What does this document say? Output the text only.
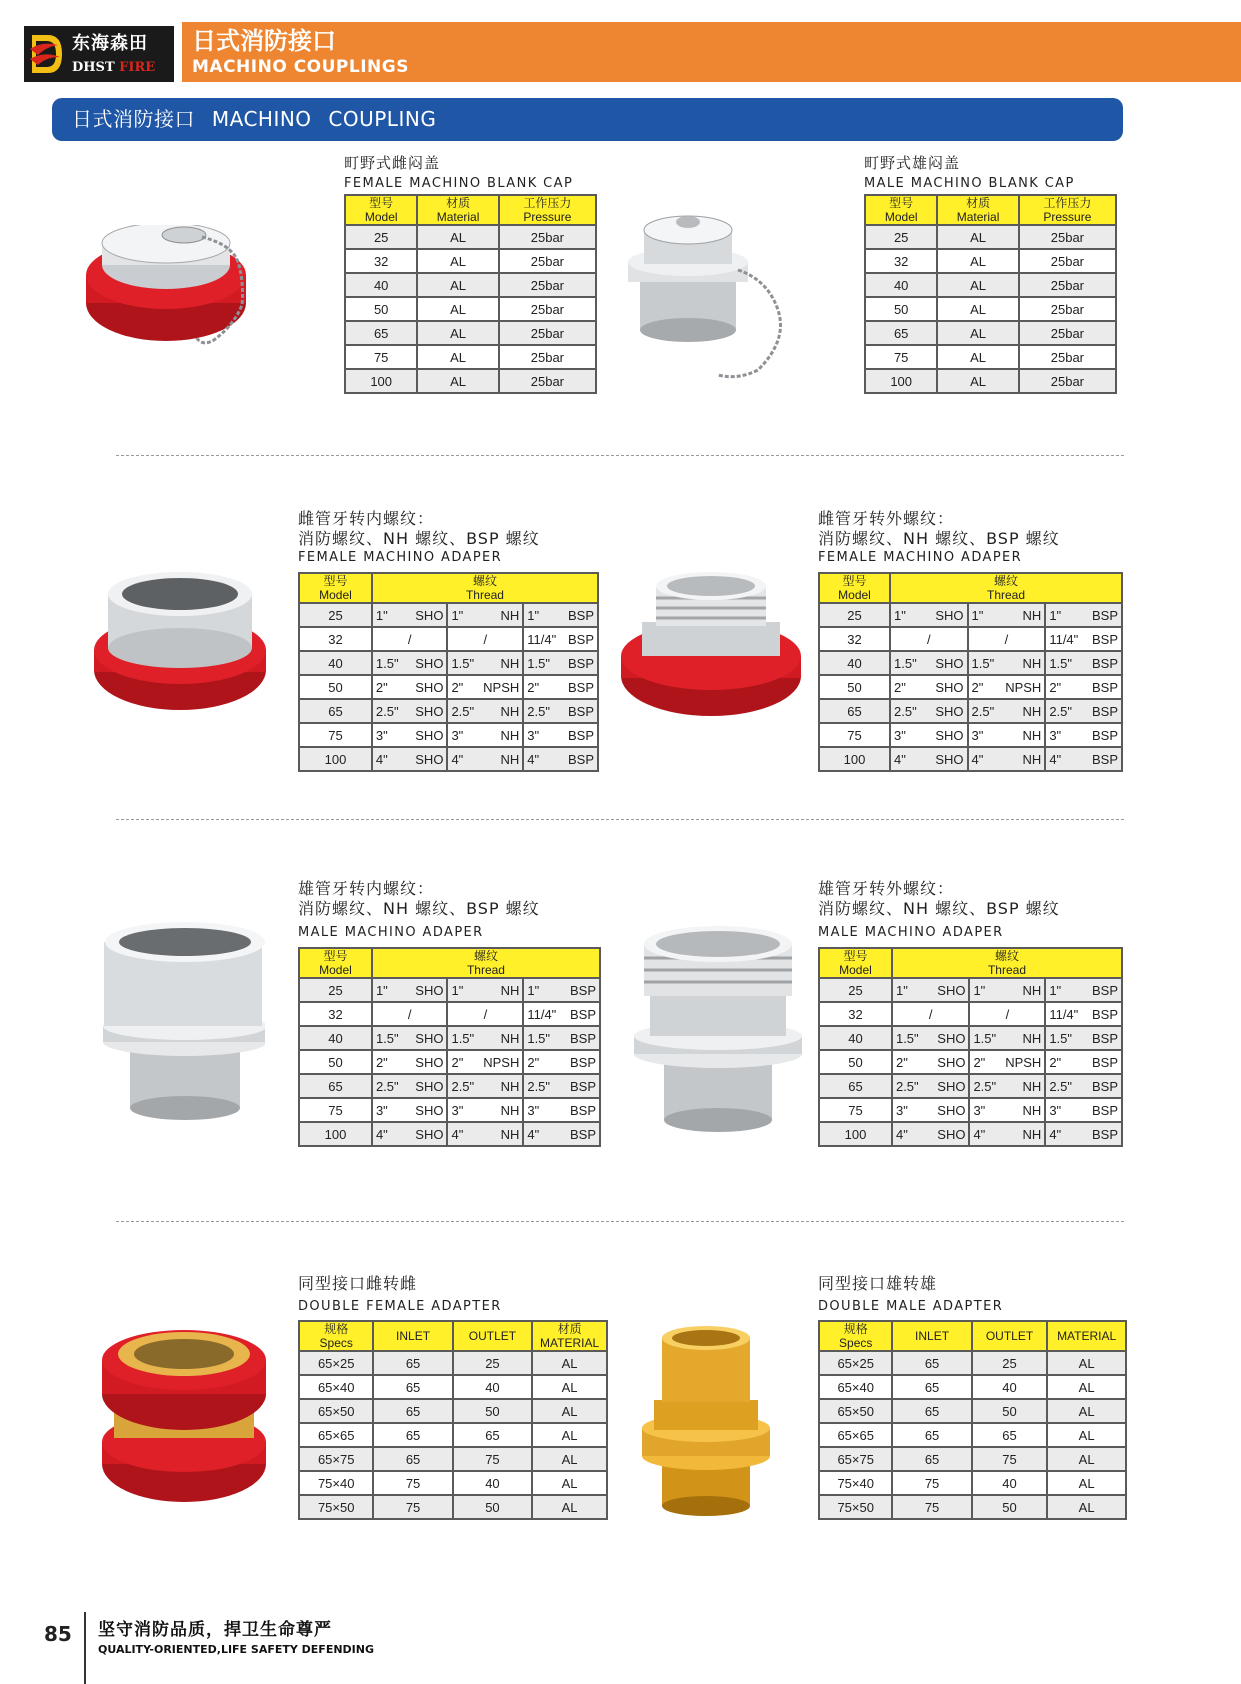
东海森田
DHST FIRE
日式消防接口
MACHINO COUPLINGS
日式消防接口 MACHINO COUPLING
町野式雌闷盖
FEMALE MACHINO BLANK CAP
型号
Model	材质
Material	工作压力
Pressure
25	AL	25bar
32	AL	25bar
40	AL	25bar
50	AL	25bar
65	AL	25bar
75	AL	25bar
100	AL	25bar
町野式雄闷盖
MALE MACHINO BLANK CAP
型号
Model	材质
Material	工作压力
Pressure
25	AL	25bar
32	AL	25bar
40	AL	25bar
50	AL	25bar
65	AL	25bar
75	AL	25bar
100	AL	25bar
雌管牙转内螺纹：
消防螺纹、NH 螺纹、BSP 螺纹
FEMALE MACHINO ADAPER
型号
Model	螺纹
Thread					
25	1"	SHO	1"	NH	1"	BSP
32	/		/		11/4"	BSP
40	1.5"	SHO	1.5"	NH	1.5"	BSP
50	2"	SHO	2"	NPSH	2"	BSP
65	2.5"	SHO	2.5"	NH	2.5"	BSP
75	3"	SHO	3"	NH	3"	BSP
100	4"	SHO	4"	NH	4"	BSP
雌管牙转外螺纹：
消防螺纹、NH 螺纹、BSP 螺纹
FEMALE MACHINO ADAPER
型号
Model	螺纹
Thread					
25	1"	SHO	1"	NH	1"	BSP
32	/		/		11/4"	BSP
40	1.5"	SHO	1.5"	NH	1.5"	BSP
50	2"	SHO	2"	NPSH	2"	BSP
65	2.5"	SHO	2.5"	NH	2.5"	BSP
75	3"	SHO	3"	NH	3"	BSP
100	4"	SHO	4"	NH	4"	BSP
雄管牙转内螺纹：
消防螺纹、NH 螺纹、BSP 螺纹
MALE MACHINO ADAPER
型号
Model	螺纹
Thread					
25	1"	SHO	1"	NH	1"	BSP
32	/		/		11/4"	BSP
40	1.5"	SHO	1.5"	NH	1.5"	BSP
50	2"	SHO	2"	NPSH	2"	BSP
65	2.5"	SHO	2.5"	NH	2.5"	BSP
75	3"	SHO	3"	NH	3"	BSP
100	4"	SHO	4"	NH	4"	BSP
雄管牙转外螺纹：
消防螺纹、NH 螺纹、BSP 螺纹
MALE MACHINO ADAPER
型号
Model	螺纹
Thread					
25	1"	SHO	1"	NH	1"	BSP
32	/		/		11/4"	BSP
40	1.5"	SHO	1.5"	NH	1.5"	BSP
50	2"	SHO	2"	NPSH	2"	BSP
65	2.5"	SHO	2.5"	NH	2.5"	BSP
75	3"	SHO	3"	NH	3"	BSP
100	4"	SHO	4"	NH	4"	BSP
同型接口雌转雌
DOUBLE FEMALE ADAPTER
规格
Specs	INLET	OUTLET	材质
MATERIAL
65×25	65	25	AL
65×40	65	40	AL
65×50	65	50	AL
65×65	65	65	AL
65×75	65	75	AL
75×40	75	40	AL
75×50	75	50	AL
同型接口雄转雄
DOUBLE MALE ADAPTER
规格
Specs	INLET	OUTLET	MATERIAL
65×25	65	25	AL
65×40	65	40	AL
65×50	65	50	AL
65×65	65	65	AL
65×75	65	75	AL
75×40	75	40	AL
75×50	75	50	AL
85 坚守消防品质，捍卫生命尊严
QUALITY-ORIENTED,LIFE SAFETY DEFENDING
